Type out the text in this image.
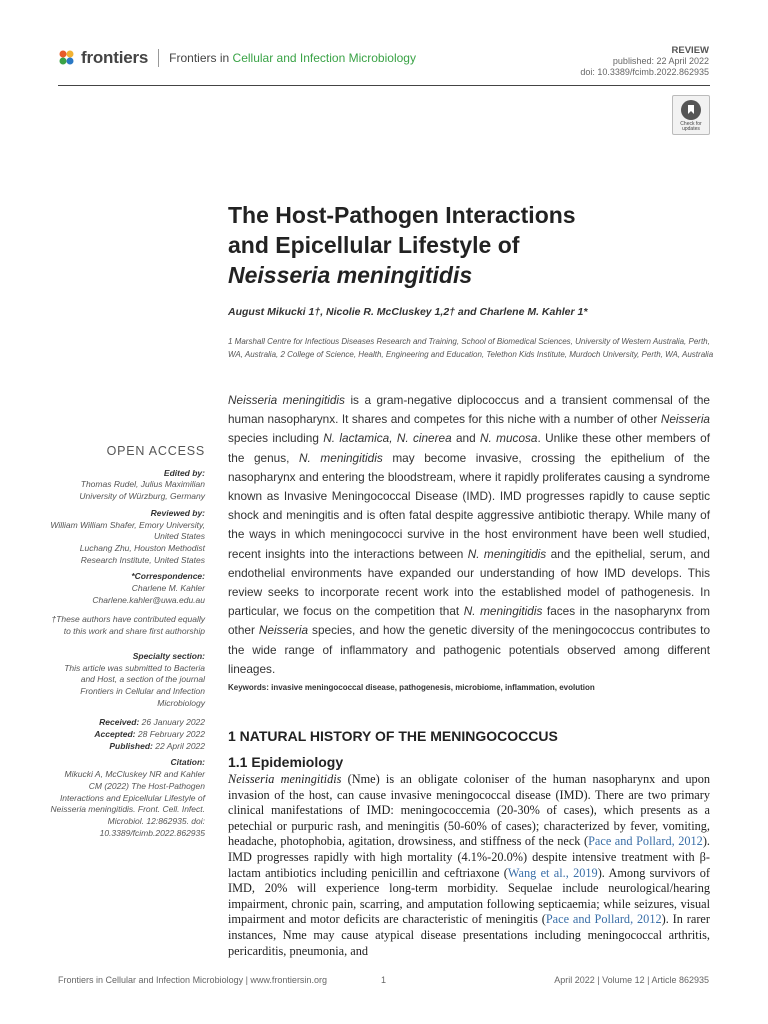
frontiers Frontiers in Cellular and Infection Microbiology
REVIEW
published: 22 April 2022
doi: 10.3389/fcimb.2022.862935
Check for updates
The Host-Pathogen Interactions
and Epicellular Lifestyle of
Neisseria meningitidis
August Mikucki 1†, Nicolie R. McCluskey 1,2† and Charlene M. Kahler 1*
1 Marshall Centre for Infectious Diseases Research and Training, School of Biomedical Sciences, University of Western Australia, Perth, WA, Australia, 2 College of Science, Health, Engineering and Education, Telethon Kids Institute, Murdoch University, Perth, WA, Australia
Neisseria meningitidis is a gram-negative diplococcus and a transient commensal of the human nasopharynx. It shares and competes for this niche with a number of other Neisseria species including N. lactamica, N. cinerea and N. mucosa. Unlike these other members of the genus, N. meningitidis may become invasive, crossing the epithelium of the nasopharynx and entering the bloodstream, where it rapidly proliferates causing a syndrome known as Invasive Meningococcal Disease (IMD). IMD progresses rapidly to cause septic shock and meningitis and is often fatal despite aggressive antibiotic therapy. While many of the ways in which meningococci survive in the host environment have been well studied, recent insights into the interactions between N. meningitidis and the epithelial, serum, and endothelial environments have expanded our understanding of how IMD develops. This review seeks to incorporate recent work into the established model of pathogenesis. In particular, we focus on the competition that N. meningitidis faces in the nasopharynx from other Neisseria species, and how the genetic diversity of the meningococcus contributes to the wide range of inflammatory and pathogenic potentials observed among different lineages.
Keywords: invasive meningococcal disease, pathogenesis, microbiome, inflammation, evolution
OPEN ACCESS
Edited by:
Thomas Rudel, Julius Maximilian University of Würzburg, Germany
Reviewed by:
William William Shafer, Emory University, United States
Luchang Zhu, Houston Methodist Research Institute, United States
*Correspondence:
Charlene M. Kahler
Charlene.kahler@uwa.edu.au
†These authors have contributed equally to this work and share first authorship
Specialty section:
This article was submitted to Bacteria and Host, a section of the journal Frontiers in Cellular and Infection Microbiology
Received: 26 January 2022
Accepted: 28 February 2022
Published: 22 April 2022
Citation:
Mikucki A, McCluskey NR and Kahler CM (2022) The Host-Pathogen Interactions and Epicellular Lifestyle of Neisseria meningitidis. Front. Cell. Infect. Microbiol. 12:862935. doi: 10.3389/fcimb.2022.862935
1 NATURAL HISTORY OF THE MENINGOCOCCUS
1.1 Epidemiology
Neisseria meningitidis (Nme) is an obligate coloniser of the human nasopharynx and upon invasion of the host, can cause invasive meningococcal disease (IMD). There are two primary clinical manifestations of IMD: meningococcemia (20-30% of cases), which presents as a petechial or purpuric rash, and meningitis (50-60% of cases); characterized by fever, vomiting, headache, photophobia, agitation, drowsiness, and stiffness of the neck (Pace and Pollard, 2012). IMD progresses rapidly with high mortality (4.1%-20.0%) despite intensive treatment with β-lactam antibiotics including penicillin and ceftriaxone (Wang et al., 2019). Among survivors of IMD, 20% will experience long-term morbidity. Sequelae include neurological/hearing impairment, chronic pain, scarring, and amputation following septicaemia; while seizures, visual impairment and motor deficits are characteristic of meningitis (Pace and Pollard, 2012). In rarer instances, Nme may cause atypical disease presentations including meningococcal arthritis, pericarditis, pneumonia, and
Frontiers in Cellular and Infection Microbiology | www.frontiersin.org	1	April 2022 | Volume 12 | Article 862935
